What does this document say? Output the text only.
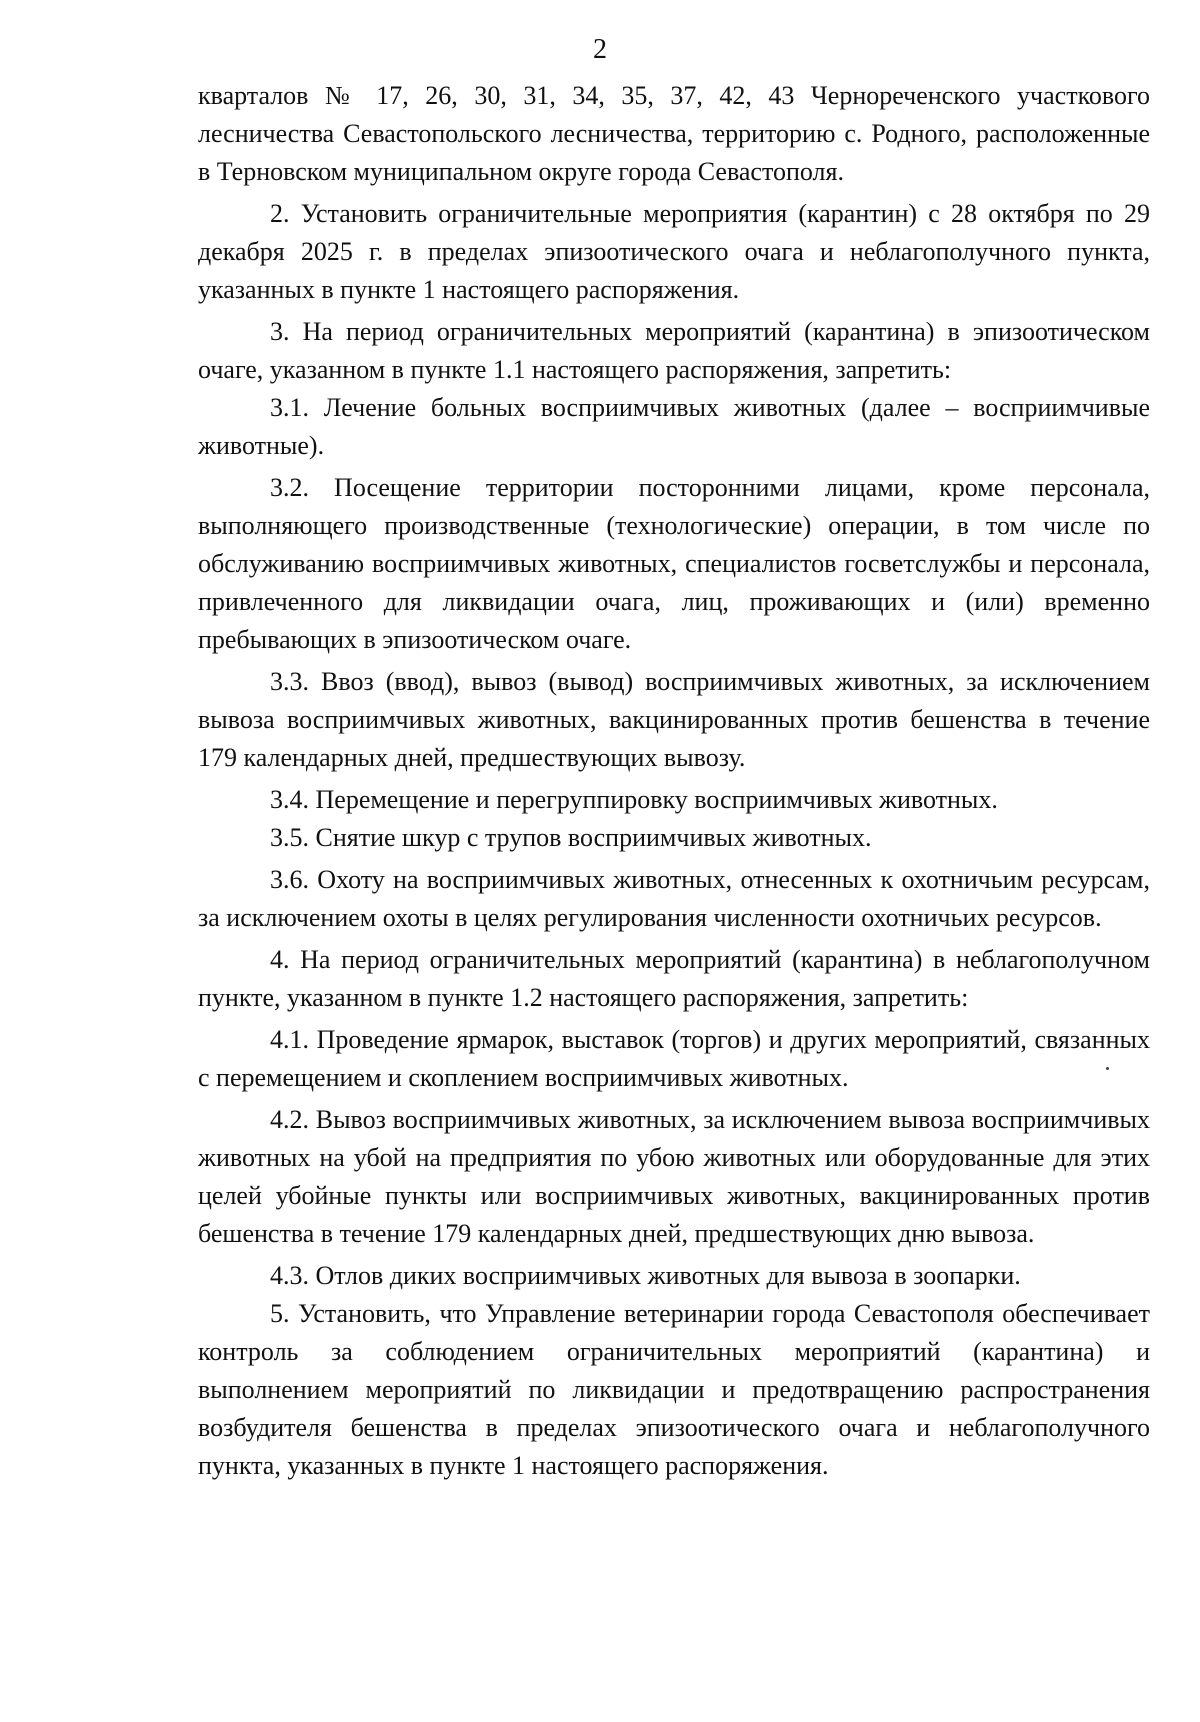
2

кварталов № 17, 26, 30, 31, 34, 35, 37, 42, 43 Чернореченского участкового лесничества Севастопольского лесничества, территорию с. Родного, расположенные в Терновском муниципальном округе города Севастополя.

2. Установить ограничительные мероприятия (карантин) с 28 октября по 29 декабря 2025 г. в пределах эпизоотического очага и неблагополучного пункта, указанных в пункте 1 настоящего распоряжения.

3. На период ограничительных мероприятий (карантина) в эпизоотическом очаге, указанном в пункте 1.1 настоящего распоряжения, запретить:

3.1. Лечение больных восприимчивых животных (далее – восприимчивые животные).

3.2. Посещение территории посторонними лицами, кроме персонала, выполняющего производственные (технологические) операции, в том числе по обслуживанию восприимчивых животных, специалистов госветслужбы и персонала, привлеченного для ликвидации очага, лиц, проживающих и (или) временно пребывающих в эпизоотическом очаге.

3.3. Ввоз (ввод), вывоз (вывод) восприимчивых животных, за исключением вывоза восприимчивых животных, вакцинированных против бешенства в течение 179 календарных дней, предшествующих вывозу.

3.4. Перемещение и перегруппировку восприимчивых животных.

3.5. Снятие шкур с трупов восприимчивых животных.

3.6. Охоту на восприимчивых животных, отнесенных к охотничьим ресурсам, за исключением охоты в целях регулирования численности охотничьих ресурсов.

4. На период ограничительных мероприятий (карантина) в неблагополучном пункте, указанном в пункте 1.2 настоящего распоряжения, запретить:

4.1. Проведение ярмарок, выставок (торгов) и других мероприятий, связанных с перемещением и скоплением восприимчивых животных.

4.2. Вывоз восприимчивых животных, за исключением вывоза восприимчивых животных на убой на предприятия по убою животных или оборудованные для этих целей убойные пункты или восприимчивых животных, вакцинированных против бешенства в течение 179 календарных дней, предшествующих дню вывоза.

4.3. Отлов диких восприимчивых животных для вывоза в зоопарки.

5. Установить, что Управление ветеринарии города Севастополя обеспечивает контроль за соблюдением ограничительных мероприятий (карантина) и выполнением мероприятий по ликвидации и предотвращению распространения возбудителя бешенства в пределах эпизоотического очага и неблагополучного пункта, указанных в пункте 1 настоящего распоряжения.
